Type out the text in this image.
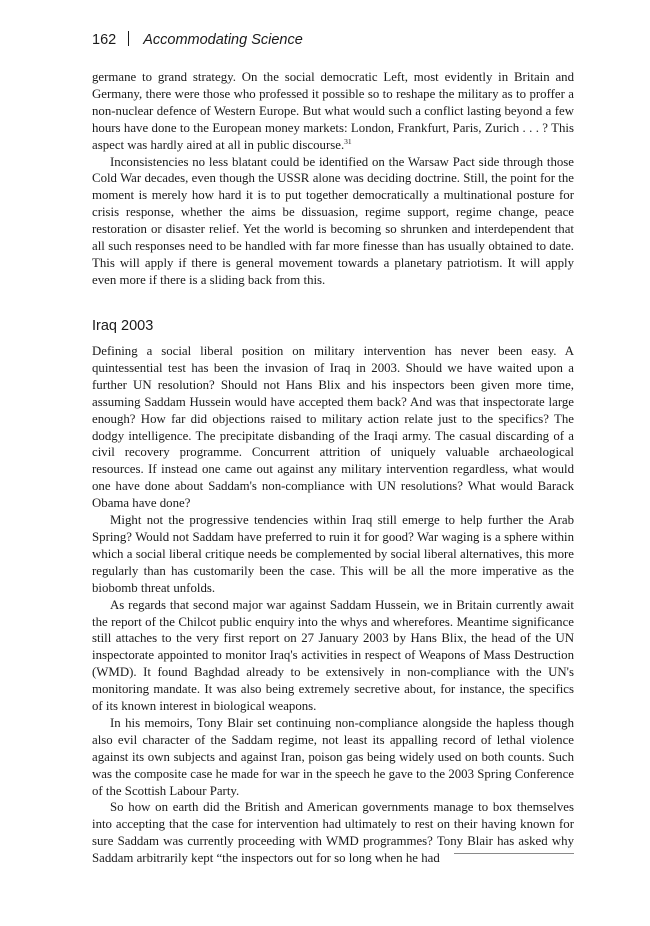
162 Accommodating Science

germane to grand strategy. On the social democratic Left, most evidently in Britain and Germany, there were those who professed it possible so to reshape the military as to proffer a non-nuclear defence of Western Europe. But what would such a conflict lasting beyond a few hours have done to the European money markets: London, Frankfurt, Paris, Zurich . . . ? This aspect was hardly aired at all in public discourse.$^{31}$

Inconsistencies no less blatant could be identified on the Warsaw Pact side through those Cold War decades, even though the USSR alone was deciding doctrine. Still, the point for the moment is merely how hard it is to put together democratically a multinational posture for crisis response, whether the aims be dissuasion, regime support, regime change, peace restoration or disaster relief. Yet the world is becoming so shrunken and interdependent that all such responses need to be handled with far more finesse than has usually obtained to date. This will apply if there is general movement towards a planetary patriotism. It will apply even more if there is a sliding back from this.

Iraq 2003

Defining a social liberal position on military intervention has never been easy. A quintessential test has been the invasion of Iraq in 2003. Should we have waited upon a further UN resolution? Should not Hans Blix and his inspectors been given more time, assuming Saddam Hussein would have accepted them back? And was that inspectorate large enough? How far did objections raised to military action relate just to the specifics? The dodgy intelligence. The precipitate disbanding of the Iraqi army. The casual discarding of a civil recovery programme. Concurrent attrition of uniquely valuable archaeological resources. If instead one came out against any military intervention regardless, what would one have done about Saddam's non-compliance with UN resolutions? What would Barack Obama have done?

Might not the progressive tendencies within Iraq still emerge to help further the Arab Spring? Would not Saddam have preferred to ruin it for good? War waging is a sphere within which a social liberal critique needs be complemented by social liberal alternatives, this more regularly than has customarily been the case. This will be all the more imperative as the biobomb threat unfolds.

As regards that second major war against Saddam Hussein, we in Britain currently await the report of the Chilcot public enquiry into the whys and wherefores. Meantime significance still attaches to the very first report on 27 January 2003 by Hans Blix, the head of the UN inspectorate appointed to monitor Iraq's activities in respect of Weapons of Mass Destruction (WMD). It found Baghdad already to be extensively in non-compliance with the UN's monitoring mandate. It was also being extremely secretive about, for instance, the specifics of its known interest in biological weapons.

In his memoirs, Tony Blair set continuing non-compliance alongside the hapless though also evil character of the Saddam regime, not least its appalling record of lethal violence against its own subjects and against Iran, poison gas being widely used on both counts. Such was the composite case he made for war in the speech he gave to the 2003 Spring Conference of the Scottish Labour Party.

So how on earth did the British and American governments manage to box themselves into accepting that the case for intervention had ultimately to rest on their having known for sure Saddam was currently proceeding with WMD programmes? Tony Blair has asked why Saddam arbitrarily kept “the inspectors out for so long when he had
